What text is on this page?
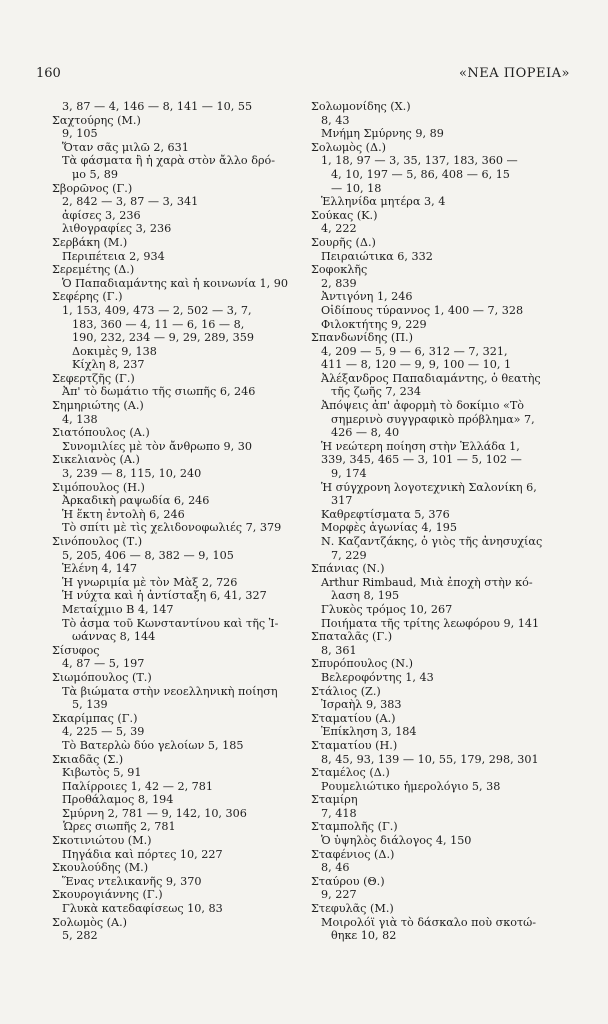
160	«ΝΕΑ ΠΟΡΕΙΑ»
3, 87 — 4, 146 — 8, 141 — 10, 55
Σαχτούρης (Μ.)
9, 105
Ὅταν σᾶς μιλῶ 2, 631
Τὰ φάσματα ἢ ἡ χαρὰ στὸν ἄλλο δρό-
μο 5, 89
Σβορῶνος (Γ.)
2, 842 — 3, 87 — 3, 341
ἀφίσες 3, 236
λιθογραφίες 3, 236
Σερβάκη (Μ.)
Περιπέτεια 2, 934
Σερεμέτης (Δ.)
Ὁ Παπαδιαμάντης καὶ ἡ κοινωνία 1, 90
Σεφέρης (Γ.)
1, 153, 409, 473 — 2, 502 — 3, 7,
183, 360 — 4, 11 — 6, 16 — 8,
190, 232, 234 — 9, 29, 289, 359
Δοκιμὲς 9, 138
Κίχλη 8, 237
Σεφερτζῆς (Γ.)
Ἀπ' τὸ δωμάτιο τῆς σιωπῆς 6, 246
Σημηριώτης (Α.)
4, 138
Σιατόπουλος (Α.)
Συνομιλίες μὲ τὸν ἄνθρωπο 9, 30
Σικελιανὸς (Α.)
3, 239 — 8, 115, 10, 240
Σιμόπουλος (Η.)
Ἀρκαδικὴ ραψωδία 6, 246
Ἡ ἕκτη ἐντολὴ 6, 246
Τὸ σπίτι μὲ τὶς χελιδονοφωλιές 7, 379
Σινόπουλος (Τ.)
5, 205, 406 — 8, 382 — 9, 105
Ἑλένη 4, 147
Ἡ γνωριμία μὲ τὸν Μὰξ 2, 726
Ἡ νύχτα καὶ ἡ ἀντίσταξη 6, 41, 327
Μεταίχμιο Β 4, 147
Τὸ ἆσμα τοῦ Κωνσταντίνου καὶ τῆς Ἰ-
ωάννας 8, 144
Σίσυφος
4, 87 — 5, 197
Σιωμόπουλος (Τ.)
Τὰ βιώματα στὴν νεοελληνικὴ ποίηση
5, 139
Σκαρίμπας (Γ.)
4, 225 — 5, 39
Τὸ Βατερλὼ δύο γελοίων 5, 185
Σκιαδᾶς (Σ.)
Κιβωτὸς 5, 91
Παλίρροιες 1, 42 — 2, 781
Προθάλαμος 8, 194
Σμύρνη 2, 781 — 9, 142, 10, 306
Ὧρες σιωπῆς 2, 781
Σκοτινιώτου (Μ.)
Πηγάδια καὶ πόρτες 10, 227
Σκουλούδης (Μ.)
Ἕνας ντελικανῆς 9, 370
Σκουρογιάννης (Γ.)
Γλυκὰ κατεδαφίσεως 10, 83
Σολωμὸς (Α.)
5, 282
Σολωμονίδης (Χ.)
8, 43
Μνήμη Σμύρνης 9, 89
Σολωμὸς (Δ.)
1, 18, 97 — 3, 35, 137, 183, 360 —
4, 10, 197 — 5, 86, 408 — 6, 15
— 10, 18
Ἑλληνίδα μητέρα 3, 4
Σούκας (Κ.)
4, 222
Σουρῆς (Δ.)
Πειραιώτικα 6, 332
Σοφοκλῆς
2, 839
Ἀντιγόνη 1, 246
Οἰδίπους τύραννος 1, 400 — 7, 328
Φιλοκτήτης 9, 229
Σπανδωνίδης (Π.)
4, 209 — 5, 9 — 6, 312 — 7, 321,
411 — 8, 120 — 9, 9, 100 — 10, 1
Ἀλέξανδρος Παπαδιαμάντης, ὁ θεατὴς
τῆς ζωῆς 7, 234
Ἀπόψεις ἀπ' ἀφορμὴ τὸ δοκίμιο «Τὸ
σημερινὸ συγγραφικὸ πρόβλημα» 7,
426 — 8, 40
Ἡ νεώτερη ποίηση στὴν Ἑλλάδα 1,
339, 345, 465 — 3, 101 — 5, 102 —
9, 174
Ἡ σύγχρονη λογοτεχνικὴ Σαλονίκη 6,
317
Καθρεφτίσματα 5, 376
Μορφὲς ἀγωνίας 4, 195
Ν. Καζαντζάκης, ὁ γιὸς τῆς ἀνησυχίας
7, 229
Σπάνιας (Ν.)
Arthur Rimbaud, Μιὰ ἐποχὴ στὴν κό-
λαση 8, 195
Γλυκὸς τρόμος 10, 267
Ποιήματα τῆς τρίτης λεωφόρου 9, 141
Σπαταλᾶς (Γ.)
8, 361
Σπυρόπουλος (Ν.)
Βελεροφόντης 1, 43
Στάλιος (Ζ.)
Ἰσραὴλ 9, 383
Σταματίου (Α.)
Ἐπίκληση 3, 184
Σταματίου (Η.)
8, 45, 93, 139 — 10, 55, 179, 298, 301
Σταμέλος (Δ.)
Ρουμελιώτικο ἡμερολόγιο 5, 38
Σταμίρη
7, 418
Σταμπολῆς (Γ.)
Ὁ ὑψηλὸς διάλογος 4, 150
Σταφένιος (Δ.)
8, 46
Σταύρου (Θ.)
9, 227
Στεφυλᾶς (Μ.)
Μοιρολόϊ γιὰ τὸ δάσκαλο ποὺ σκοτώ-
θηκε 10, 82
